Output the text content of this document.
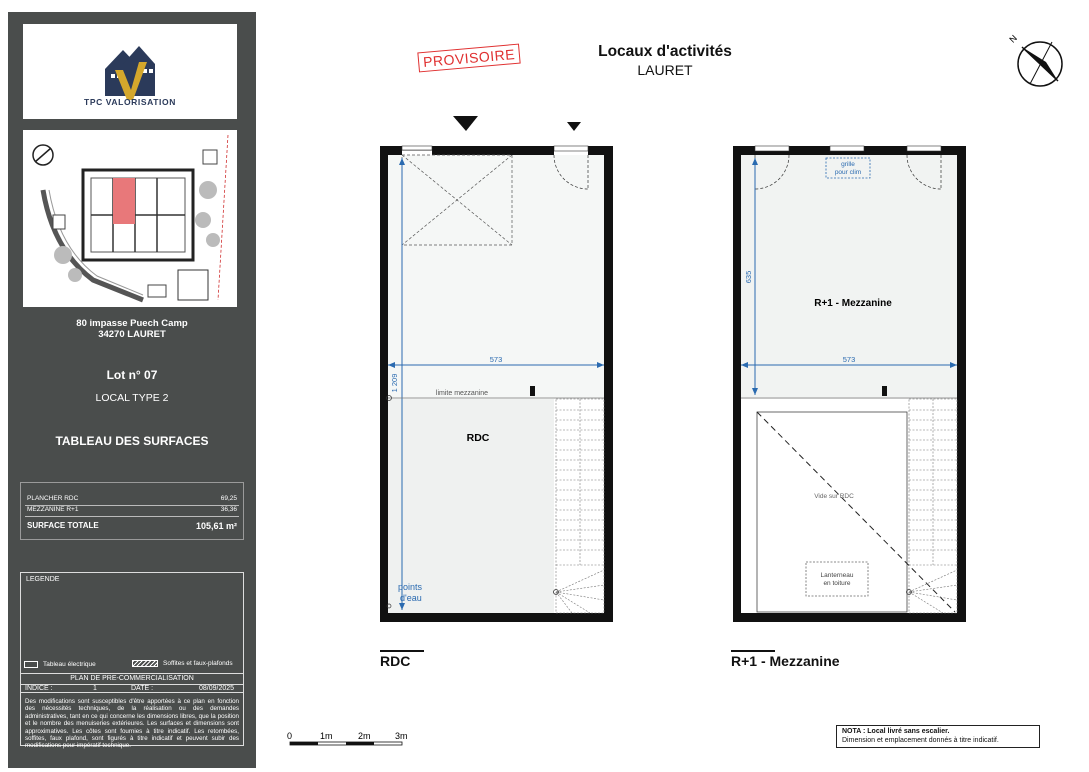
TPC VALORISATION
80 impasse Puech Camp
34270 LAURET
Lot n° 07
LOCAL TYPE 2
TABLEAU DES SURFACES
PLANCHER RDC	69,25
MEZZANINE R+1	36,36
SURFACE TOTALE	105,61 m²
LEGENDE
Tableau électrique	Soffites et faux-plafonds
PLAN DE PRE-COMMERCIALISATION
INDICE :	1	DATE :	08/09/2025
Des modifications sont susceptibles d'être apportées à ce plan en fonction des nécessités techniques, de la réalisation ou des demandes administratives, tant en ce qui concerne les dimensions libres, que la position et le nombre des menuiseries extérieures. Les surfaces et dimensions sont approximatives. Les côtes sont fournies à titre indicatif. Les retombées, soffites, faux plafond, sont figurés à titre indicatif et peuvent subir des modifications pour impératif technique.
PROVISOIRE	Locaux d'activités
LAURET
N
573
1 209
limite mezzanine
RDC
points d'eau
grille pour clim
573
635
R+1 - Mezzanine
Vide sur RDC
Lanterneau en toiture
0	1m	2m	3m
RDC	R+1 - Mezzanine
NOTA : Local livré sans escalier.
Dimension et emplacement donnés à titre indicatif.
